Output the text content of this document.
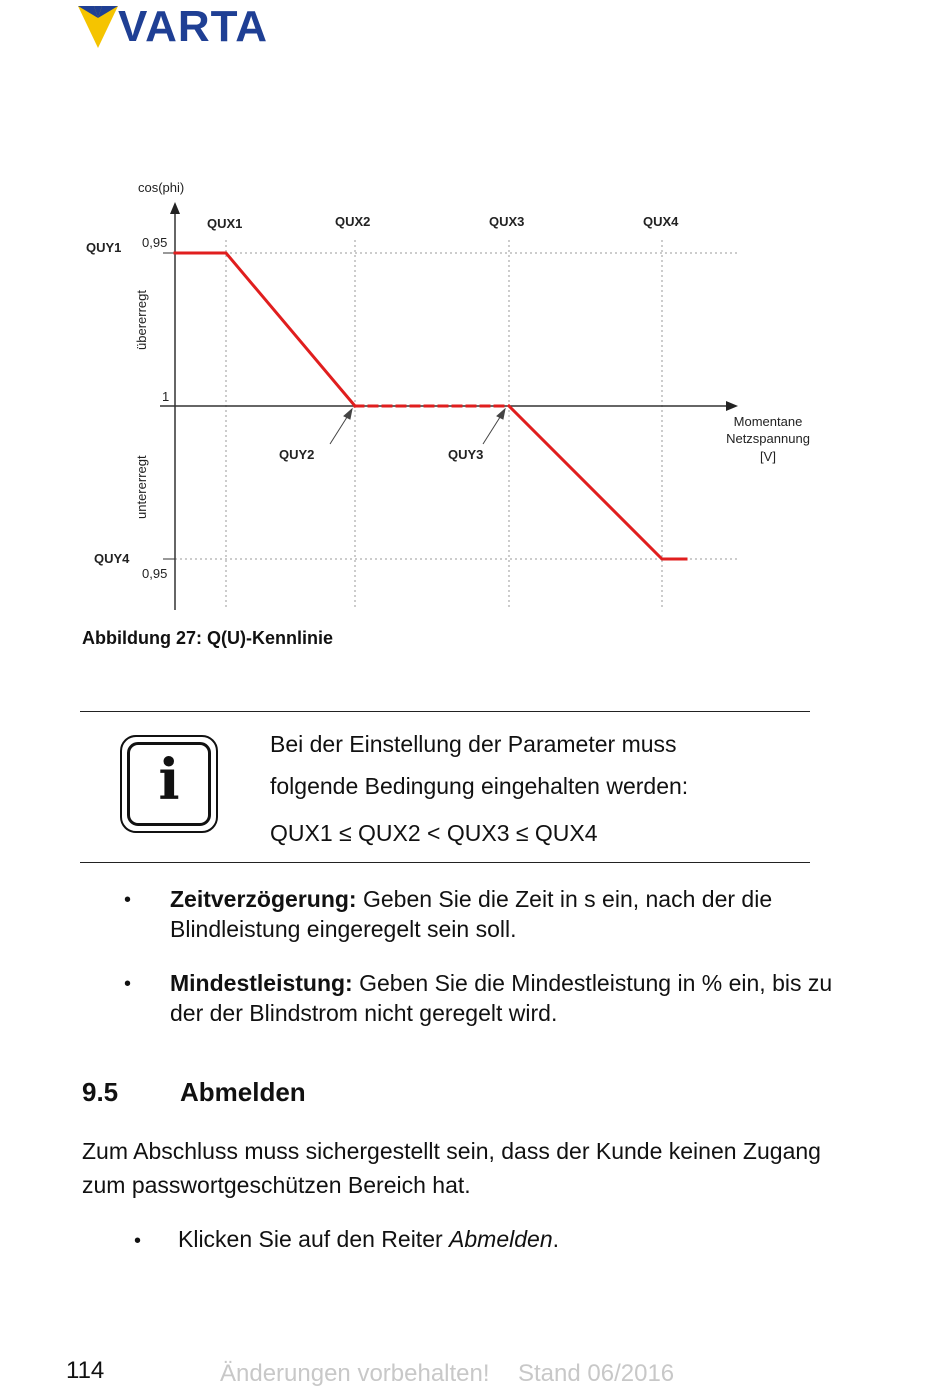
VARTA
cos(phi)
QUX1	QUX2	QUX3	QUX4
QUY1
QUY2	QUY3
QUY4
0,95
1
0,95
übererregt
untererregt
Momentane
Netzspannung
[V]
Abbildung 27: Q(U)-Kennlinie
i
Bei der Einstellung der Parameter muss
folgende Bedingung eingehalten werden:
QUX1 ≤ QUX2 < QUX3 ≤ QUX4
• Zeitverzögerung: Geben Sie die Zeit in s ein, nach der die Blindleistung eingeregelt sein soll.
• Mindestleistung: Geben Sie die Mindestleistung in % ein, bis zu der der Blindstrom nicht geregelt wird.
9.5 Abmelden
Zum Abschluss muss sichergestellt sein, dass der Kunde keinen Zugang zum passwortgeschützen Bereich hat.
• Klicken Sie auf den Reiter Abmelden.
114	Änderungen vorbehalten! Stand 06/2016
